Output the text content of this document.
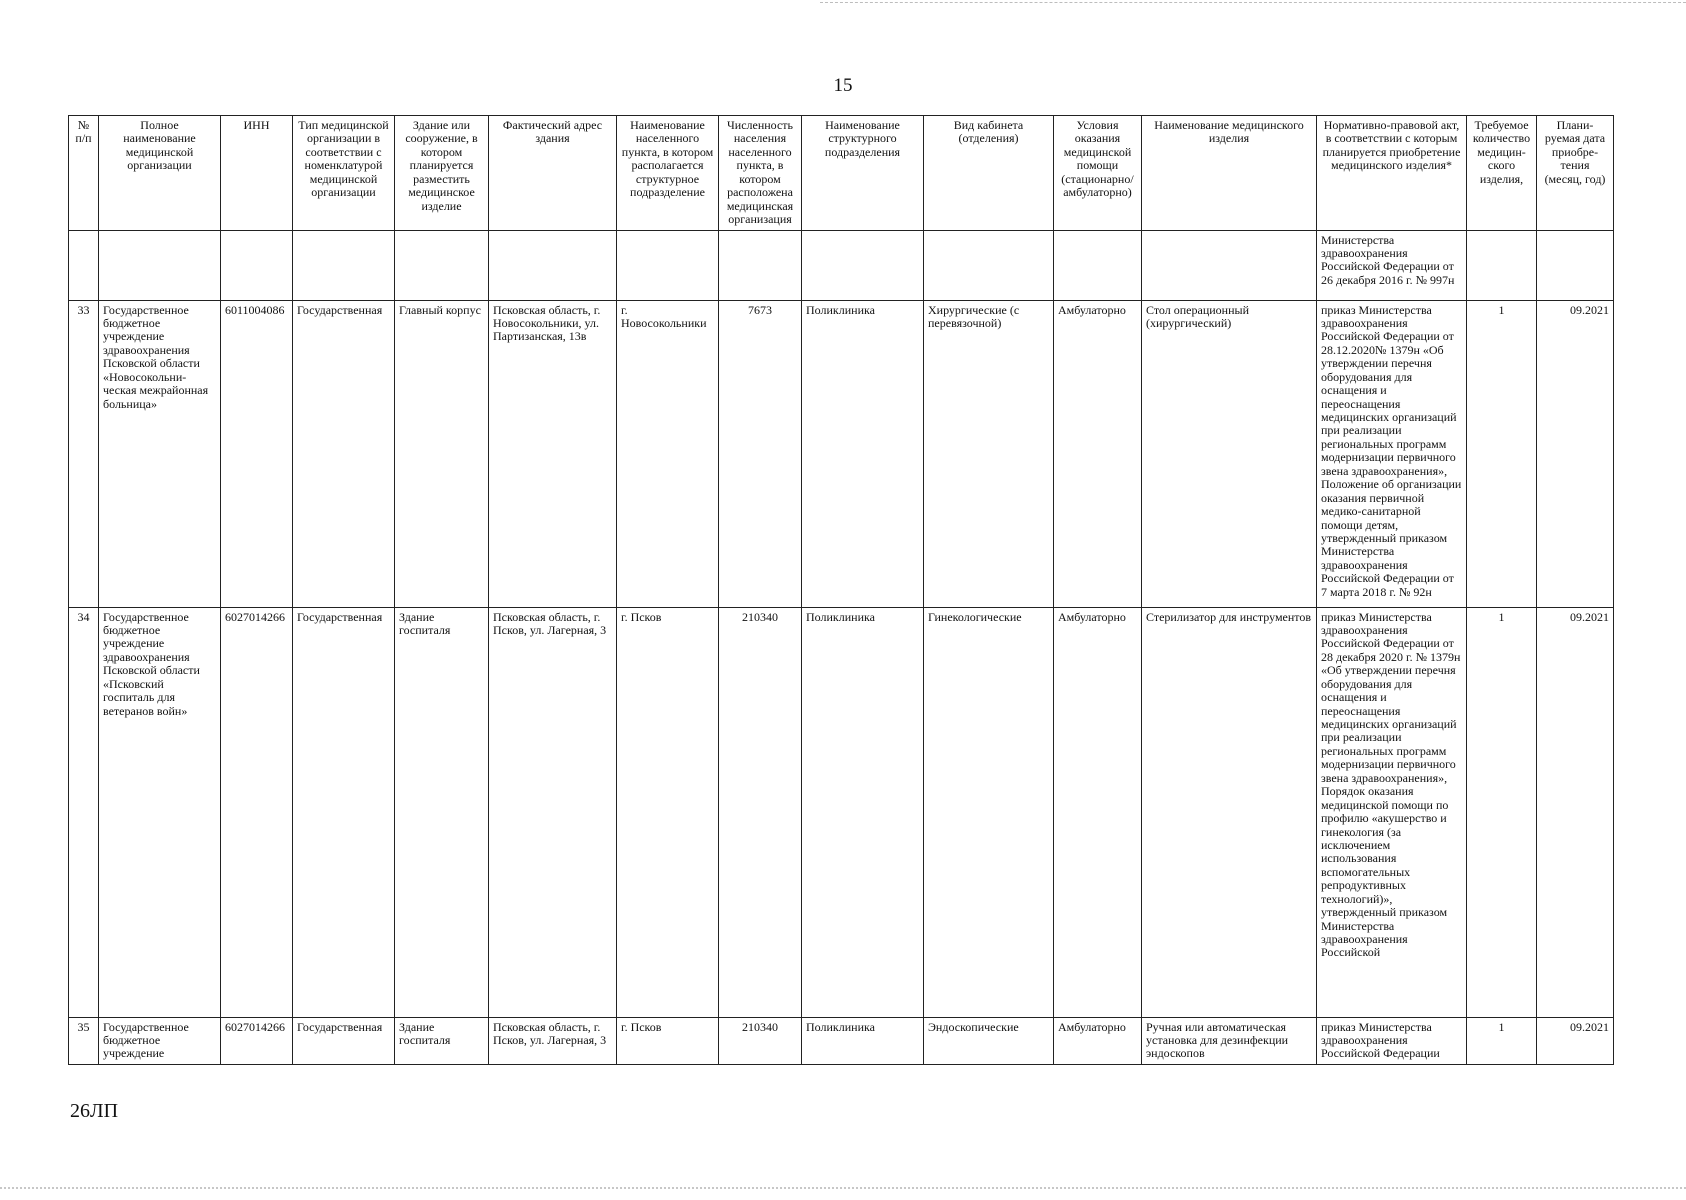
15
№ п/п	Полное наименование медицинской организации	ИНН	Тип медицинской организации в соответствии с номенклатурой медицинской организации	Здание или сооружение, в котором планируется разместить медицинское изделие	Фактический адрес здания	Наименование населенного пункта, в котором располагается структурное подразделение	Численность населения населенного пункта, в котором расположена медицинская организация	Наименование структурного подразделения	Вид кабинета (отделения)	Условия оказания медицинской помощи (стационарно/ амбулаторно)	Наименование медицинского изделия	Нормативно-правовой акт, в соответствии с которым планируется приобретение медицинского изделия*	Требуемое количество медицин-ского изделия,	Плани-руемая дата приобре-тения (месяц, год)
												Министерства здравоохранения Российской Федерации от 26 декабря 2016 г. № 997н		
33	Государственное бюджетное учреждение здравоохранения Псковской области «Новосокольни-ческая межрайонная больница»	6011004086	Государственная	Главный корпус	Псковская область, г. Новосокольники, ул. Партизанская, 13в	г. Новосокольники	7673	Поликлиника	Хирургические (с перевязочной)	Амбулаторно	Стол операционный (хирургический)	приказ Министерства здравоохранения Российской Федерации от 28.12.2020№ 1379н «Об утверждении перечня оборудования для оснащения и переоснащения медицинских организаций при реализации региональных программ модернизации первичного звена здравоохранения», Положение об организации оказания первичной медико-санитарной помощи детям, утвержденный приказом Министерства здравоохранения Российской Федерации от 7 марта 2018 г. № 92н	1	09.2021
34	Государственное бюджетное учреждение здравоохранения Псковской области «Псковский госпиталь для ветеранов войн»	6027014266	Государственная	Здание госпиталя	Псковская область, г. Псков, ул. Лагерная, 3	г. Псков	210340	Поликлиника	Гинекологические	Амбулаторно	Стерилизатор для инструментов	приказ Министерства здравоохранения Российской Федерации от 28 декабря 2020 г. № 1379н «Об утверждении перечня оборудования для оснащения и переоснащения медицинских организаций при реализации региональных программ модернизации первичного звена здравоохранения», Порядок оказания медицинской помощи по профилю «акушерство и гинекология (за исключением использования вспомогательных репродуктивных технологий)», утвержденный приказом Министерства здравоохранения Российской	1	09.2021
35	Государственное бюджетное учреждение	6027014266	Государственная	Здание госпиталя	Псковская область, г. Псков, ул. Лагерная, 3	г. Псков	210340	Поликлиника	Эндоскопические	Амбулаторно	Ручная или автоматическая установка для дезинфекции эндоскопов	приказ Министерства здравоохранения Российской Федерации	1	09.2021
26ЛП
